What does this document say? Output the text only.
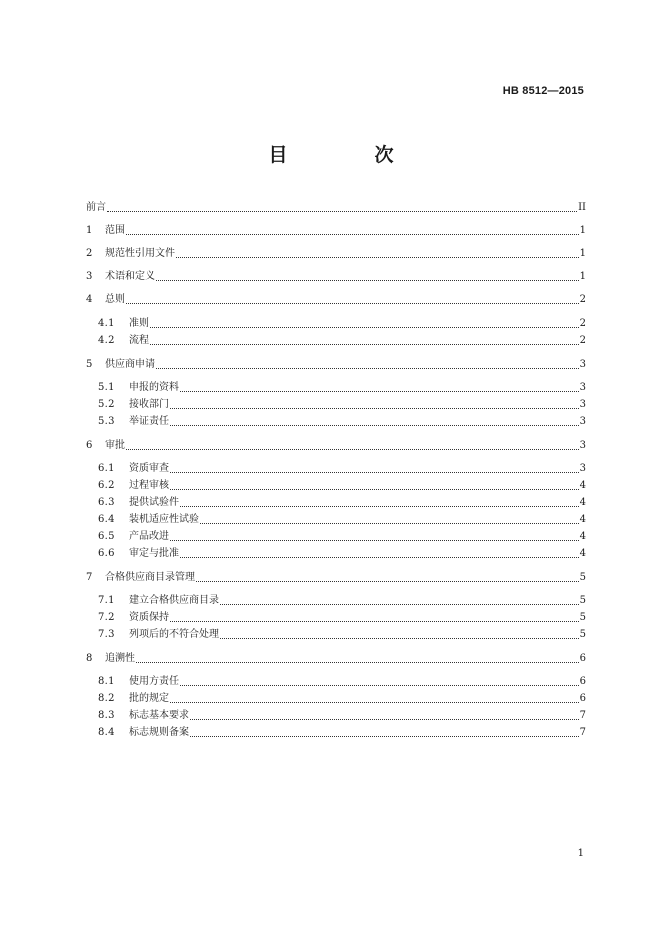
HB 8512—2015
目　次
前言	II
1	范围	1
2	规范性引用文件	1
3	术语和定义	1
4	总则	2
4.1	准则	2
4.2	流程	2
5	供应商申请	3
5.1	申报的资料	3
5.2	接收部门	3
5.3	举证责任	3
6	审批	3
6.1	资质审查	3
6.2	过程审核	4
6.3	提供试验件	4
6.4	装机适应性试验	4
6.5	产品改进	4
6.6	审定与批准	4
7	合格供应商目录管理	5
7.1	建立合格供应商目录	5
7.2	资质保持	5
7.3	列项后的不符合处理	5
8	追溯性	6
8.1	使用方责任	6
8.2	批的规定	6
8.3	标志基本要求	7
8.4	标志规则备案	7
1
